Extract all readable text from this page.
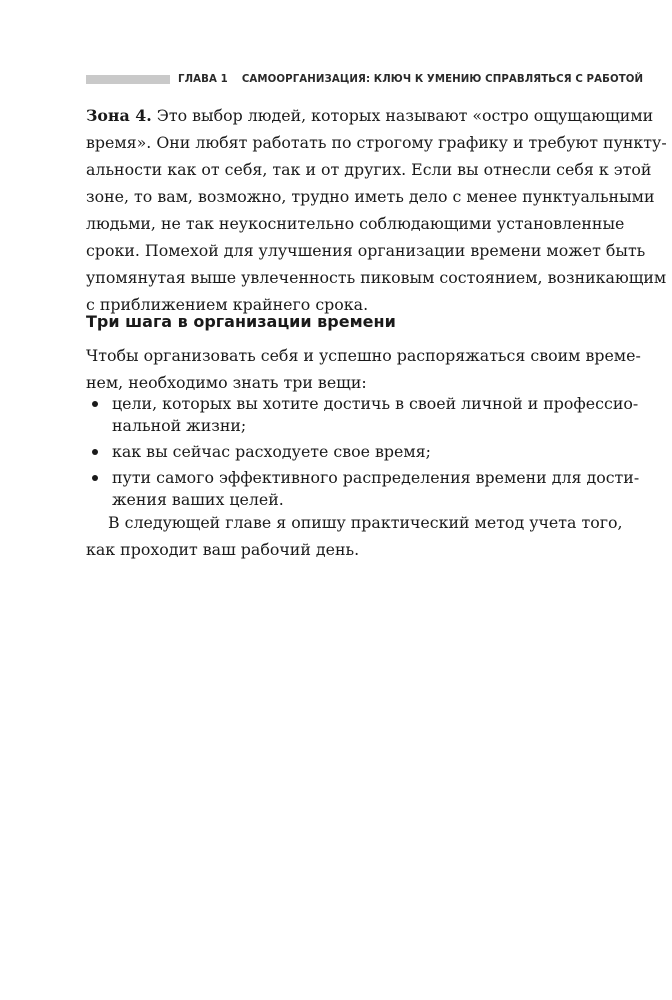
ГЛАВА 1 САМООРГАНИЗАЦИЯ: КЛЮЧ К УМЕНИЮ СПРАВЛЯТЬСЯ С РАБОТОЙ

Зона 4. Это выбор людей, которых называют «остро ощущающими
время». Они любят работать по строгому графику и требуют пункту-
альности как от себя, так и от других. Если вы отнесли себя к этой
зоне, то вам, возможно, трудно иметь дело с менее пунктуальными
людьми, не так неукоснительно соблюдающими установленные
сроки. Помехой для улучшения организации времени может быть
упомянутая выше увлеченность пиковым состоянием, возникающим
с приближением крайнего срока.

Три шага в организации времени

Чтобы организовать себя и успешно распоряжаться своим време-
нем, необходимо знать три вещи:

цели, которых вы хотите достичь в своей личной и профессио-
нальной жизни;
как вы сейчас расходуете свое время;
пути самого эффективного распределения времени для дости-
жения ваших целей.

В следующей главе я опишу практический метод учета того,
как проходит ваш рабочий день.
